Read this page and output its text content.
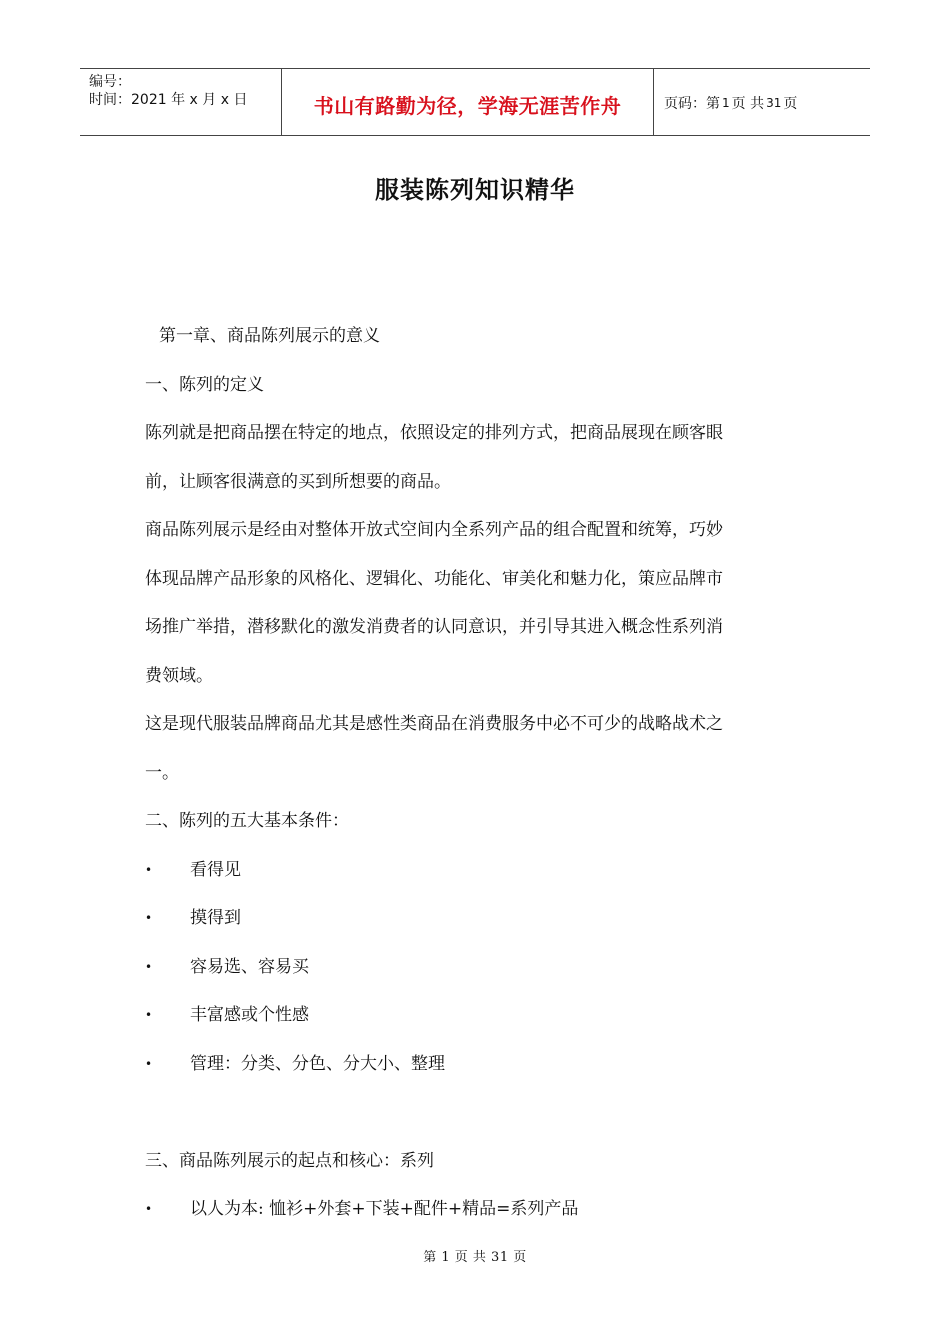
编号：
时间：2021 年 x 月 x 日	书山有路勤为径，学海无涯苦作舟	页码：第 1 页 共 31 页
服装陈列知识精华
第一章、商品陈列展示的意义
一、陈列的定义
陈列就是把商品摆在特定的地点，依照设定的排列方式，把商品展现在顾客眼
前，让顾客很满意的买到所想要的商品。
商品陈列展示是经由对整体开放式空间内全系列产品的组合配置和统筹，巧妙
体现品牌产品形象的风格化、逻辑化、功能化、审美化和魅力化，策应品牌市
场推广举措，潜移默化的激发消费者的认同意识，并引导其进入概念性系列消
费领域。
这是现代服装品牌商品尤其是感性类商品在消费服务中必不可少的战略战术之
一。
二、陈列的五大基本条件：
•	看得见
•	摸得到
•	容易选、容易买
•	丰富感或个性感
•	管理：分类、分色、分大小、整理
三、商品陈列展示的起点和核心：系列
•	以人为本: 恤衫+外套+下装+配件+精品=系列产品
第 1 页 共 31 页
